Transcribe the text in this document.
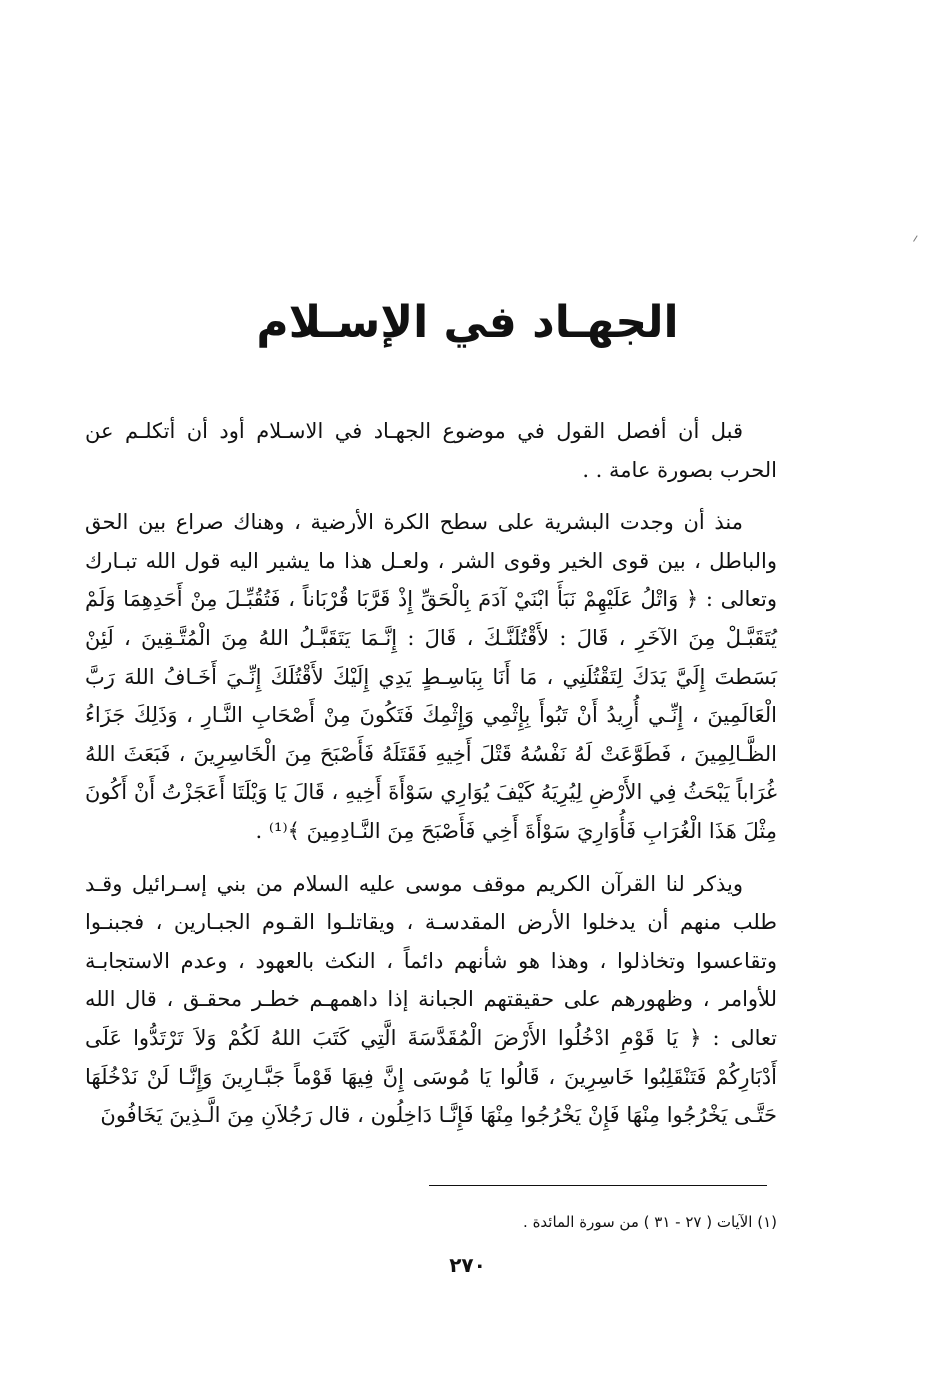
الجهـاد في الإسـلام

قبل أن أفصل القول في موضوع الجهـاد في الاسـلام أود أن أتكلـم عن الحرب بصورة عامة . .

منذ أن وجدت البشرية على سطح الكرة الأرضية ، وهناك صراع بين الحق والباطل ، بين قوى الخير وقوى الشر ، ولعـل هذا ما يشير اليه قول الله تبـارك وتعالى : ﴿ وَاتْلُ عَلَيْهِمْ نَبَأَ ابْنَيْ آدَمَ بِالْحَقِّ إِذْ قَرَّبَا قُرْبَاناً ، فَتُقُبِّـلَ مِنْ أَحَدِهِمَا وَلَمْ يُتَقَبَّـلْ مِنَ الآخَرِ ، قَالَ : لأَقْتُلَنَّـكَ ، قَالَ : إِنَّـمَا يَتَقَبَّـلُ اللهُ مِنَ الْمُتَّـقِينَ ، لَئِنْ بَسَطتَ إِلَيَّ يَدَكَ لِتَقْتُلَنِي ، مَا أَنَا بِبَاسِـطٍ يَدِي إِلَيْكَ لأَقْتُلَكَ إِنِّـيَ أَخَـافُ اللهَ رَبَّ الْعَالَمِينَ ، إِنِّـي أُرِيدُ أَنْ تَبُوأَ بِإِثْمِي وَإِثْمِكَ فَتَكُونَ مِنْ أَصْحَابِ النَّـارِ ، وَذَلِكَ جَزَاءُ الظَّـالِمِينَ ، فَطَوَّعَتْ لَهُ نَفْسُهُ قَتْلَ أَخِيهِ فَقَتَلَهُ فَأَصْبَحَ مِنَ الْخَاسِرِينَ ، فَبَعَثَ اللهُ غُرَاباً يَبْحَثُ فِي الأَرْضِ لِيُرِيَهُ كَيْفَ يُوَارِي سَوْأَةَ أَخِيهِ ، قَالَ يَا وَيْلَتَا أَعَجَزْتُ أَنْ أَكُونَ مِثْلَ هَذَا الْغُرَابِ فَأُوَارِيَ سَوْأَةَ أَخِي فَأَصْبَحَ مِنَ النَّـادِمِينَ ﴾⁽¹⁾ .

ويذكر لنا القرآن الكريم موقف موسى عليه السلام من بني إسـرائيل وقـد طلب منهم أن يدخلوا الأرض المقدسـة ، ويقاتلـوا القـوم الجبـارين ، فجبنـوا وتقاعسوا وتخاذلوا ، وهذا هو شأنهم دائماً ، النكث بالعهود ، وعدم الاستجابـة للأوامر ، وظهورهم على حقيقتهم الجبانة إذا داهمهـم خطـر محقـق ، قال الله تعالى : ﴿ يَا قَوْمِ ادْخُلُوا الأَرْضَ الْمُقَدَّسَةَ الَّتِي كَتَبَ اللهُ لَكُمْ وَلاَ تَرْتَدُّوا عَلَى أَدْبَارِكُمْ فَتَنْقَلِبُوا خَاسِرِينَ ، قَالُوا يَا مُوسَى إِنَّ فِيهَا قَوْماً جَبَّـارِينَ وَإِنَّـا لَنْ نَدْخُلَهَا حَتَّـى يَخْرُجُوا مِنْهَا فَإِنْ يَخْرُجُوا مِنْهَا فَإِنَّـا دَاخِلُون ، قال رَجُلاَنِ مِنَ الَّـذِينَ يَخَافُونَ

(١) الآيات ( ٢٧ - ٣١ ) من سورة المائدة .
٢٧٠
